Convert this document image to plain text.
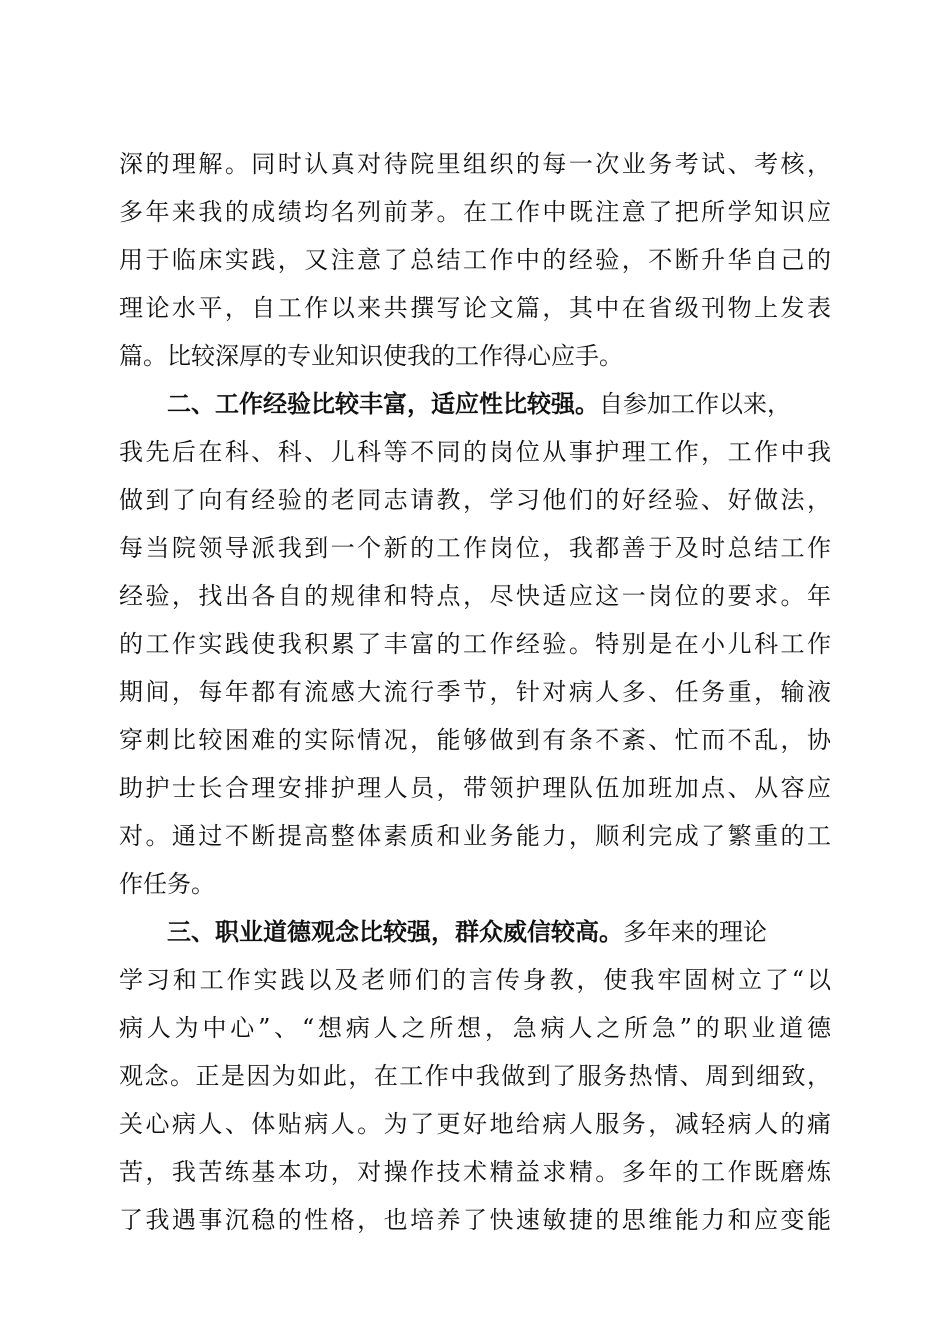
深的理解。同时认真对待院里组织的每一次业务考试、考核，
多年来我的成绩均名列前茅。在工作中既注意了把所学知识应
用于临床实践，又注意了总结工作中的经验，不断升华自己的
理论水平，自工作以来共撰写论文篇，其中在省级刊物上发表
篇。比较深厚的专业知识使我的工作得心应手。
二、工作经验比较丰富，适应性比较强。自参加工作以来，
我先后在科、科、儿科等不同的岗位从事护理工作，工作中我
做到了向有经验的老同志请教，学习他们的好经验、好做法，
每当院领导派我到一个新的工作岗位，我都善于及时总结工作
经验，找出各自的规律和特点，尽快适应这一岗位的要求。年
的工作实践使我积累了丰富的工作经验。特别是在小儿科工作
期间，每年都有流感大流行季节，针对病人多、任务重，输液
穿刺比较困难的实际情况，能够做到有条不紊、忙而不乱，协
助护士长合理安排护理人员，带领护理队伍加班加点、从容应
对。通过不断提高整体素质和业务能力，顺利完成了繁重的工
作任务。
三、职业道德观念比较强，群众威信较高。多年来的理论
学习和工作实践以及老师们的言传身教，使我牢固树立了“以
病人为中心”、“想病人之所想，急病人之所急”的职业道德
观念。正是因为如此，在工作中我做到了服务热情、周到细致，
关心病人、体贴病人。为了更好地给病人服务，减轻病人的痛
苦，我苦练基本功，对操作技术精益求精。多年的工作既磨炼
了我遇事沉稳的性格，也培养了快速敏捷的思维能力和应变能
